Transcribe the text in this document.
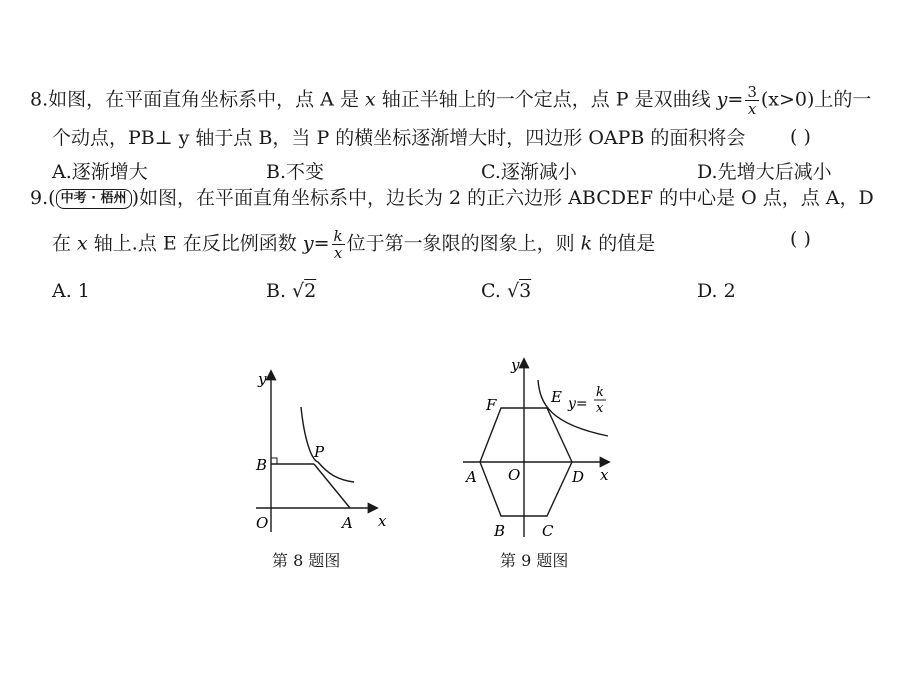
8.如图，在平面直角坐标系中，点 A 是 x 轴正半轴上的一个定点，点 P 是双曲线 $y= \frac{3}{x} (x>0)$上的一
个动点，PB⊥ y 轴于点 B，当 P 的横坐标逐渐增大时，四边形 OAPB 的面积将会 ( )
A.逐渐增大	B.不变	C.逐渐减小	D.先增大后减小
9.( 中考 · 梧州 )如图，在平面直角坐标系中，边长为 2 的正六边形 ABCDEF 的中心是 O 点，点 A，D
在 x 轴上.点 E 在反比例函数 $y= \frac{k}{x}$ 位于第一象限的图象上，则 k 的值是	( )
A. 1	B. √2	C. √3	D. 2
y
x
O	A
B
P
第 8 题图
y
x
O
A	D
F	E
B C
y=
k
x
第 9 题图
